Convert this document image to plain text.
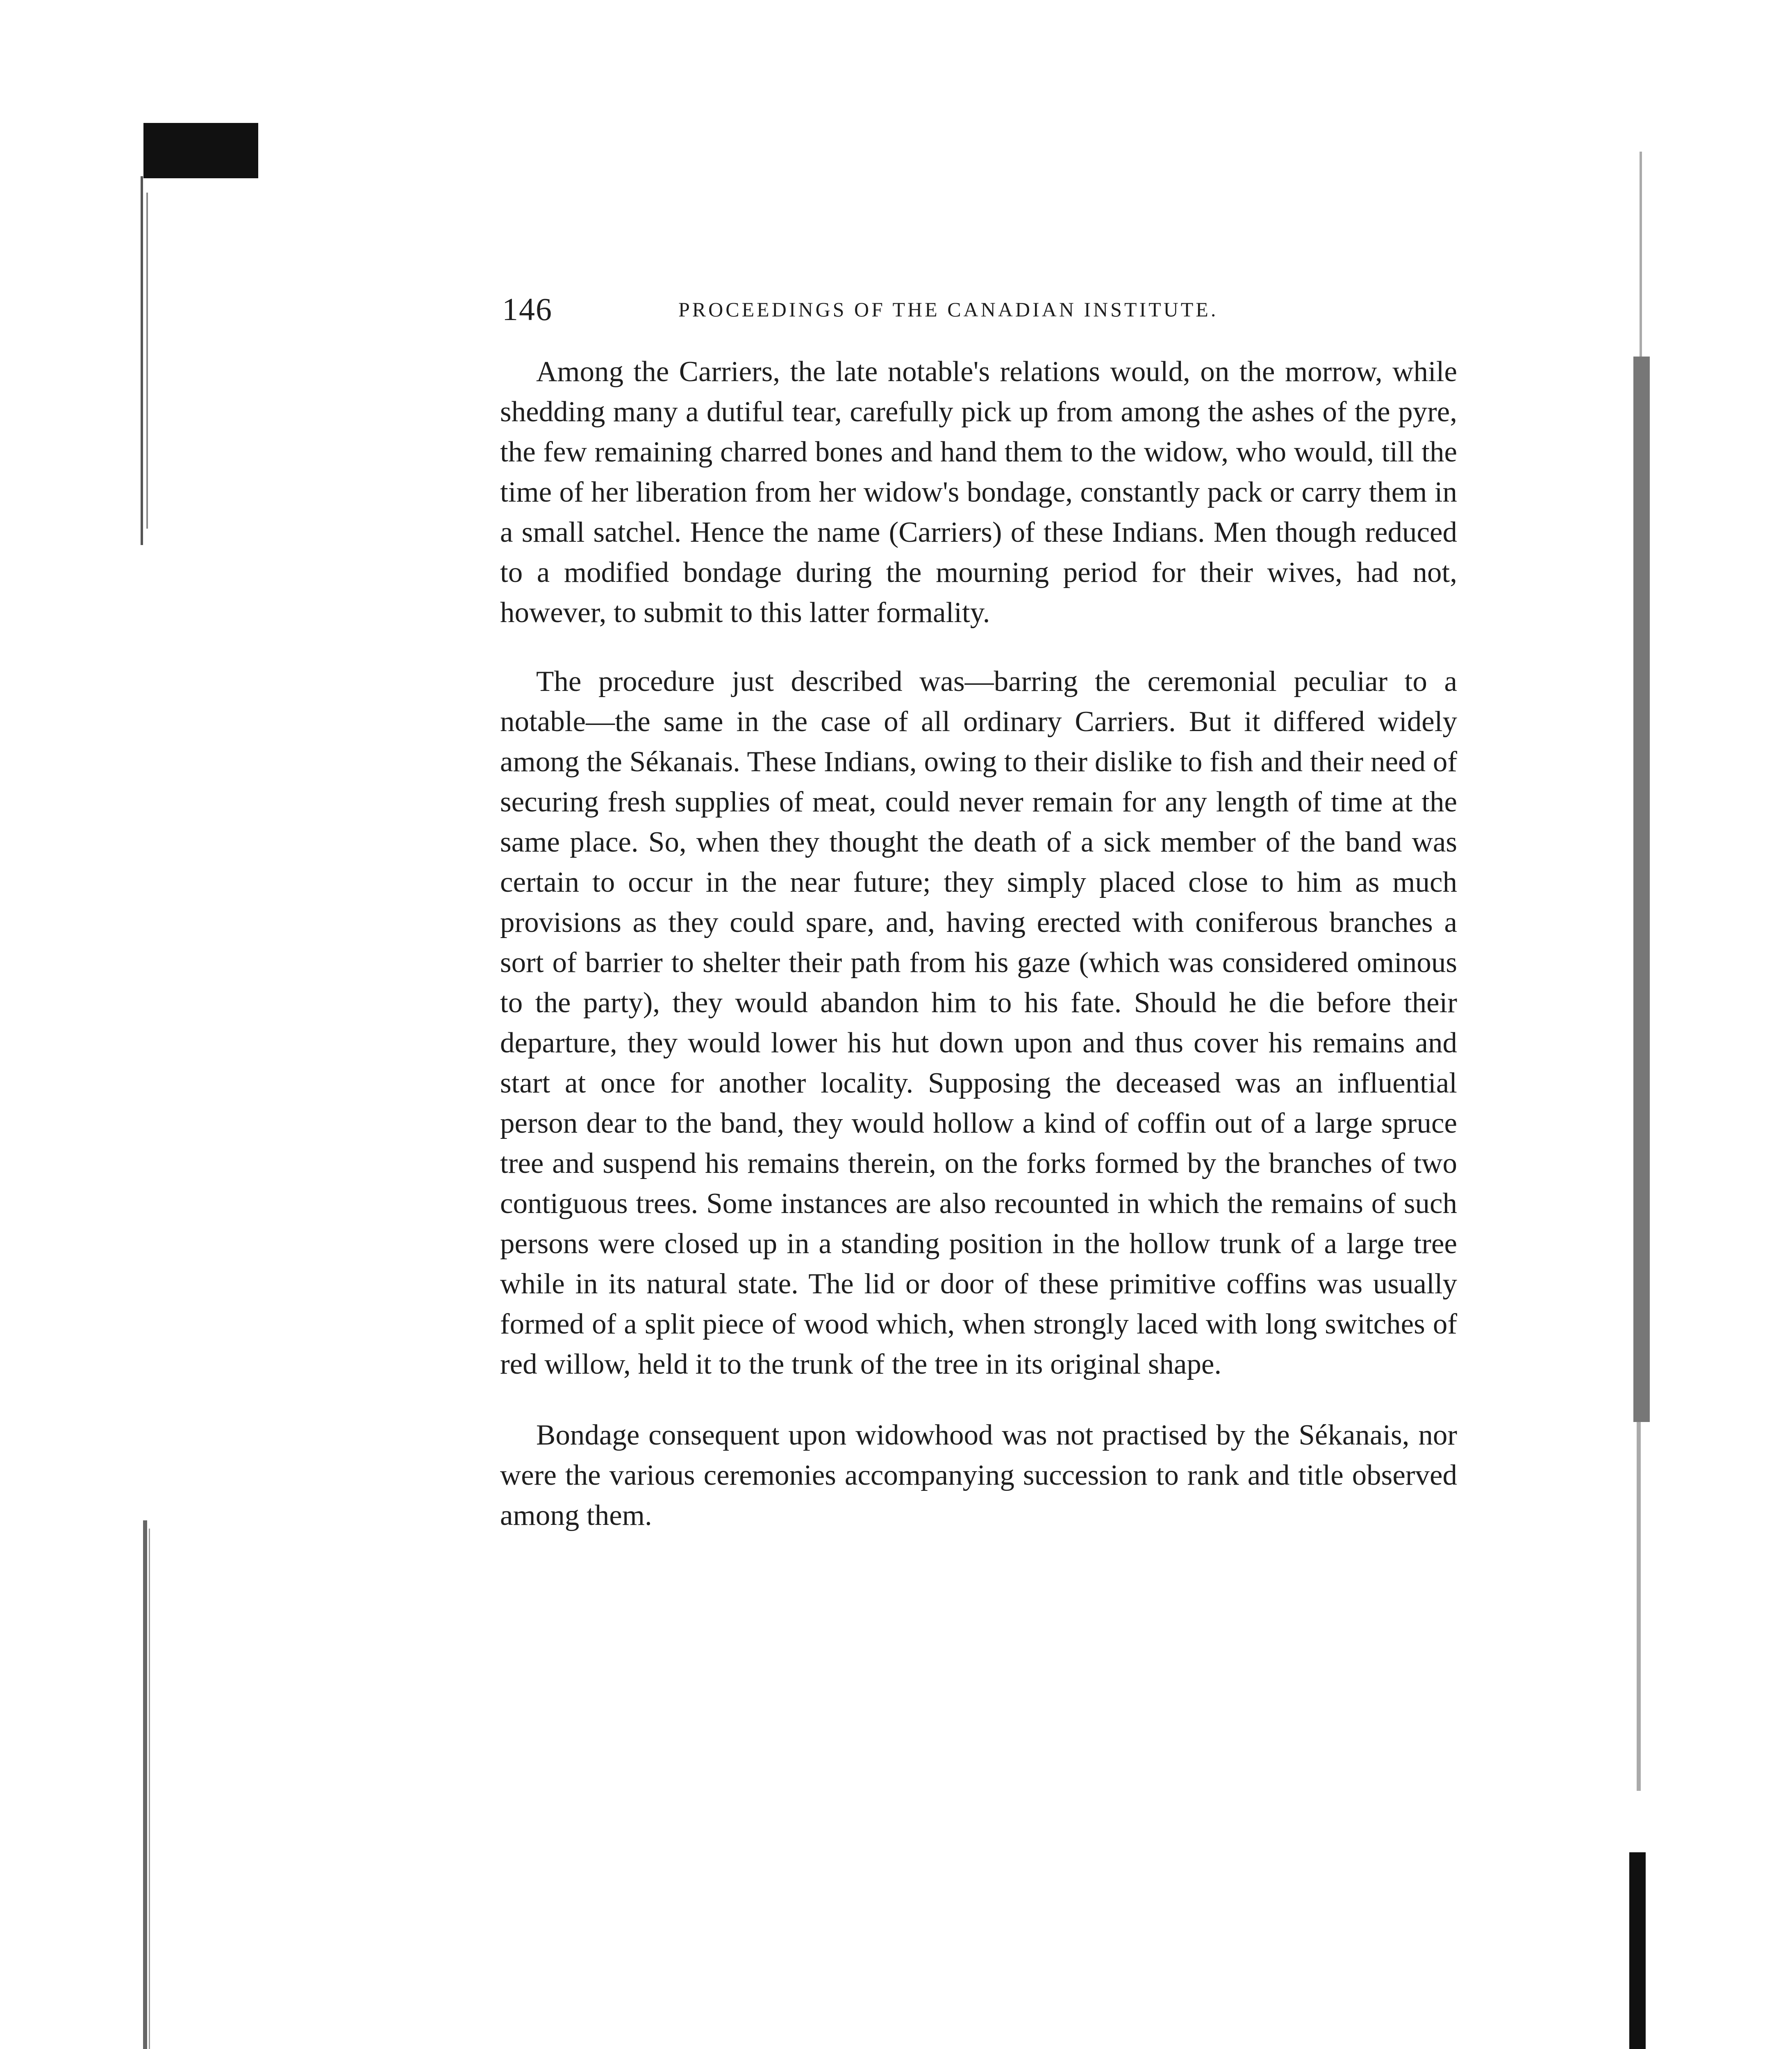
146	PROCEEDINGS OF THE CANADIAN INSTITUTE.

Among the Carriers, the late notable's relations would, on the morrow, while shedding many a dutiful tear, carefully pick up from among the ashes of the pyre, the few remaining charred bones and hand them to the widow, who would, till the time of her liberation from her widow's bondage, constantly pack or carry them in a small satchel. Hence the name (Carriers) of these Indians. Men though reduced to a modified bondage during the mourning period for their wives, had not, however, to submit to this latter formality.

The procedure just described was—barring the ceremonial peculiar to a notable—the same in the case of all ordinary Carriers. But it differed widely among the Sékanais. These Indians, owing to their dislike to fish and their need of securing fresh supplies of meat, could never remain for any length of time at the same place. So, when they thought the death of a sick member of the band was certain to occur in the near future; they simply placed close to him as much provisions as they could spare, and, having erected with coniferous branches a sort of barrier to shelter their path from his gaze (which was considered ominous to the party), they would abandon him to his fate. Should he die before their departure, they would lower his hut down upon and thus cover his remains and start at once for another locality. Supposing the deceased was an influential person dear to the band, they would hollow a kind of coffin out of a large spruce tree and suspend his remains therein, on the forks formed by the branches of two contiguous trees. Some instances are also recounted in which the remains of such persons were closed up in a standing position in the hollow trunk of a large tree while in its natural state. The lid or door of these primitive coffins was usually formed of a split piece of wood which, when strongly laced with long switches of red willow, held it to the trunk of the tree in its original shape.

Bondage consequent upon widowhood was not practised by the Sékanais, nor were the various ceremonies accompanying succession to rank and title observed among them.
